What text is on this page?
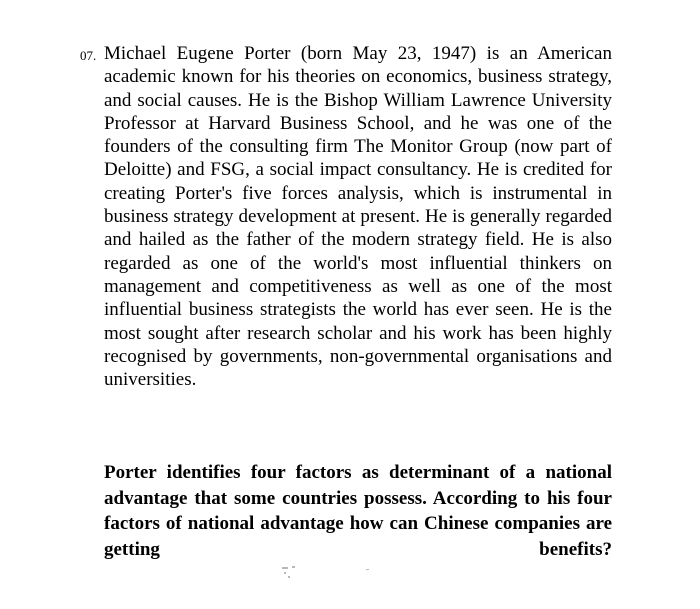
07. Michael Eugene Porter (born May 23, 1947) is an American academic known for his theories on economics, business strategy, and social causes. He is the Bishop William Lawrence University Professor at Harvard Business School, and he was one of the founders of the consulting firm The Monitor Group (now part of Deloitte) and FSG, a social impact consultancy. He is credited for creating Porter's five forces analysis, which is instrumental in business strategy development at present. He is generally regarded and hailed as the father of the modern strategy field. He is also regarded as one of the world's most influential thinkers on management and competitiveness as well as one of the most influential business strategists the world has ever seen. He is the most sought after research scholar and his work has been highly recognised by governments, non-governmental organisations and universities.

Porter identifies four factors as determinant of a national advantage that some countries possess. According to his four factors of national advantage how can Chinese companies are getting benefits?
